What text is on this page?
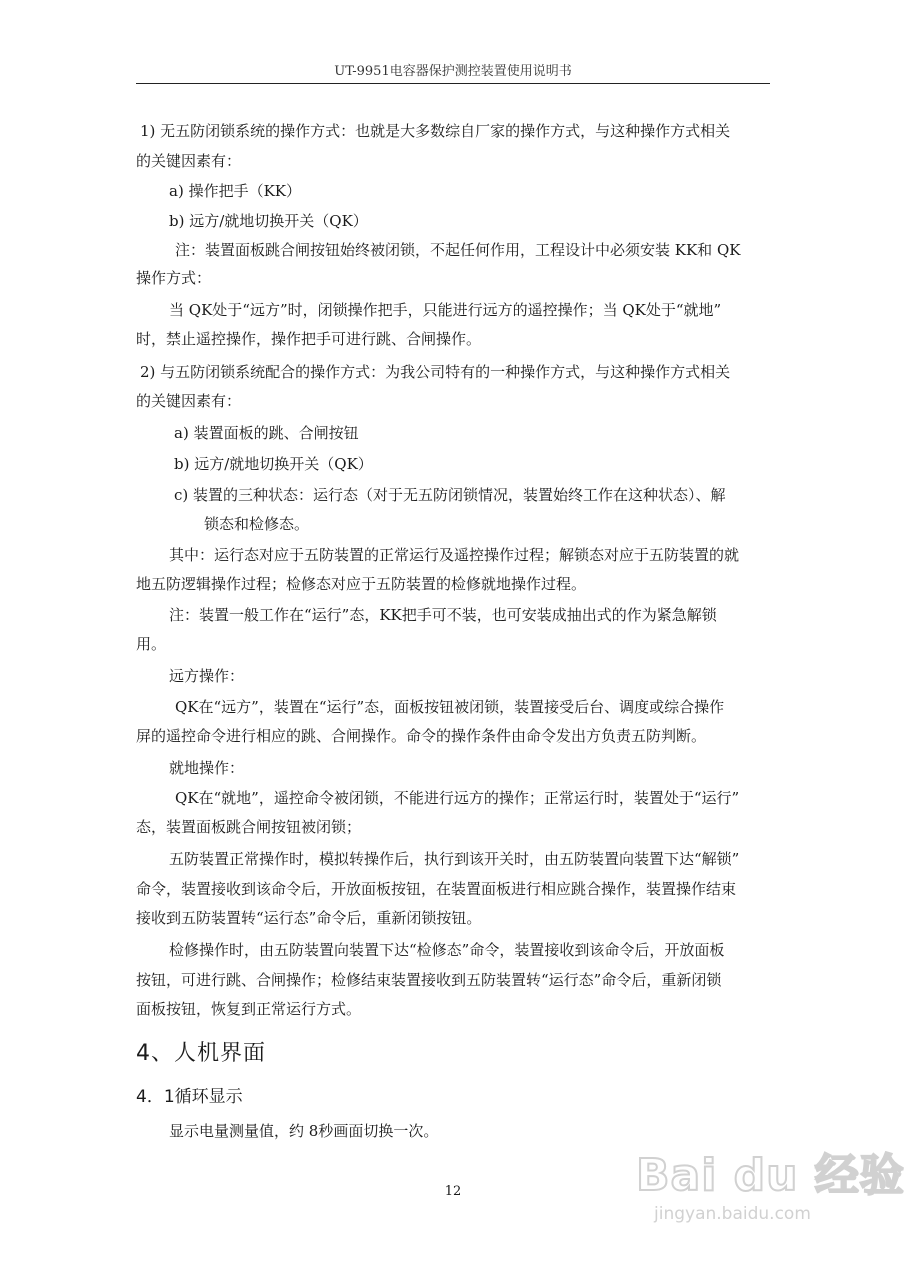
UT-9951电容器保护测控装置使用说明书
1) 无五防闭锁系统的操作方式：也就是大多数综自厂家的操作方式，与这种操作方式相关
的关键因素有：
a) 操作把手（KK）
b) 远方/就地切换开关（QK）
注：装置面板跳合闸按钮始终被闭锁，不起任何作用，工程设计中必须安装 KK和 QK
操作方式：
当 QK处于“远方”时，闭锁操作把手，只能进行远方的遥控操作；当 QK处于“就地”
时，禁止遥控操作，操作把手可进行跳、合闸操作。
2) 与五防闭锁系统配合的操作方式：为我公司特有的一种操作方式，与这种操作方式相关
的关键因素有：
a) 装置面板的跳、合闸按钮
b) 远方/就地切换开关（QK）
c) 装置的三种状态：运行态（对于无五防闭锁情况，装置始终工作在这种状态）、解
锁态和检修态。
其中：运行态对应于五防装置的正常运行及遥控操作过程；解锁态对应于五防装置的就
地五防逻辑操作过程；检修态对应于五防装置的检修就地操作过程。
注：装置一般工作在“运行”态，KK把手可不装，也可安装成抽出式的作为紧急解锁
用。
远方操作：
QK在“远方”，装置在“运行”态，面板按钮被闭锁，装置接受后台、调度或综合操作
屏的遥控命令进行相应的跳、合闸操作。命令的操作条件由命令发出方负责五防判断。
就地操作：
QK在“就地”，遥控命令被闭锁，不能进行远方的操作；正常运行时，装置处于“运行”
态，装置面板跳合闸按钮被闭锁；
五防装置正常操作时，模拟转操作后，执行到该开关时，由五防装置向装置下达“解锁”
命令，装置接收到该命令后，开放面板按钮，在装置面板进行相应跳合操作，装置操作结束
接收到五防装置转“运行态”命令后，重新闭锁按钮。
检修操作时，由五防装置向装置下达“检修态”命令，装置接收到该命令后，开放面板
按钮，可进行跳、合闸操作；检修结束装置接收到五防装置转“运行态”命令后，重新闭锁
面板按钮，恢复到正常运行方式。
4、人机界面
4．1循环显示
显示电量测量值，约 8秒画面切换一次。
12	Bai du 经验
jingyan.baidu.com
